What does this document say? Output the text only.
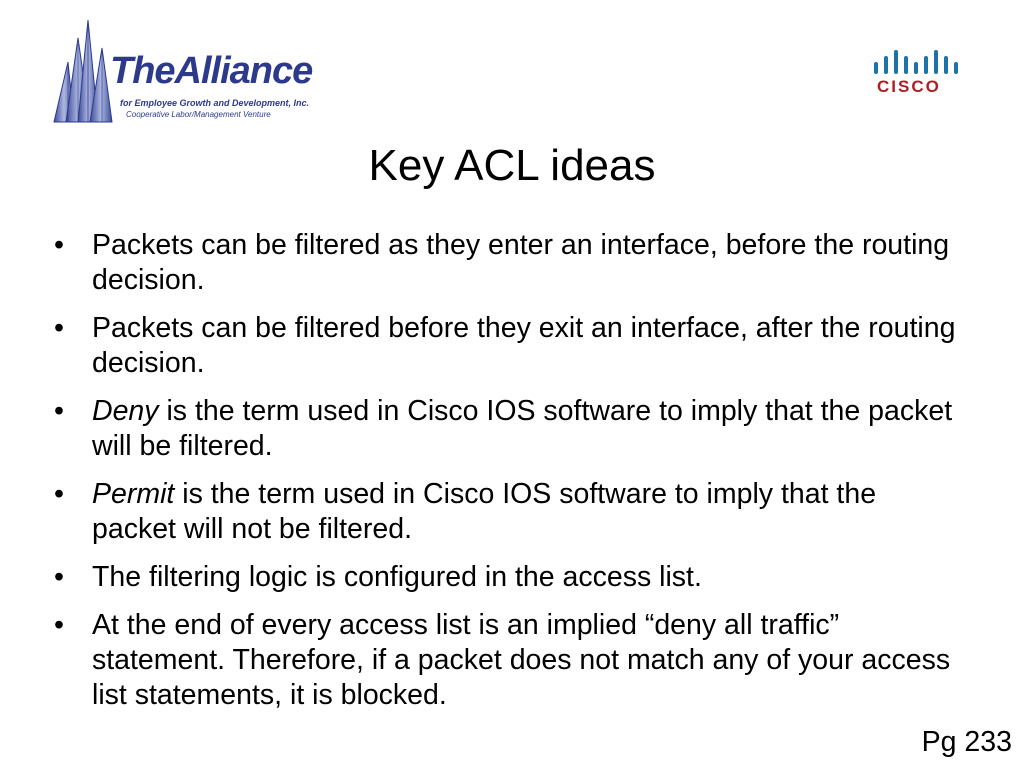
TheAlliance
for Employee Growth and Development, Inc.
Cooperative Labor/Management Venture
CISCO
Key ACL ideas
• Packets can be filtered as they enter an interface, before the routing decision.
• Packets can be filtered before they exit an interface, after the routing decision.
• Deny is the term used in Cisco IOS software to imply that the packet will be filtered.
• Permit is the term used in Cisco IOS software to imply that the packet will not be filtered.
• The filtering logic is configured in the access list.
• At the end of every access list is an implied “deny all traffic” statement. Therefore, if a packet does not match any of your access list statements, it is blocked.
Pg 233
